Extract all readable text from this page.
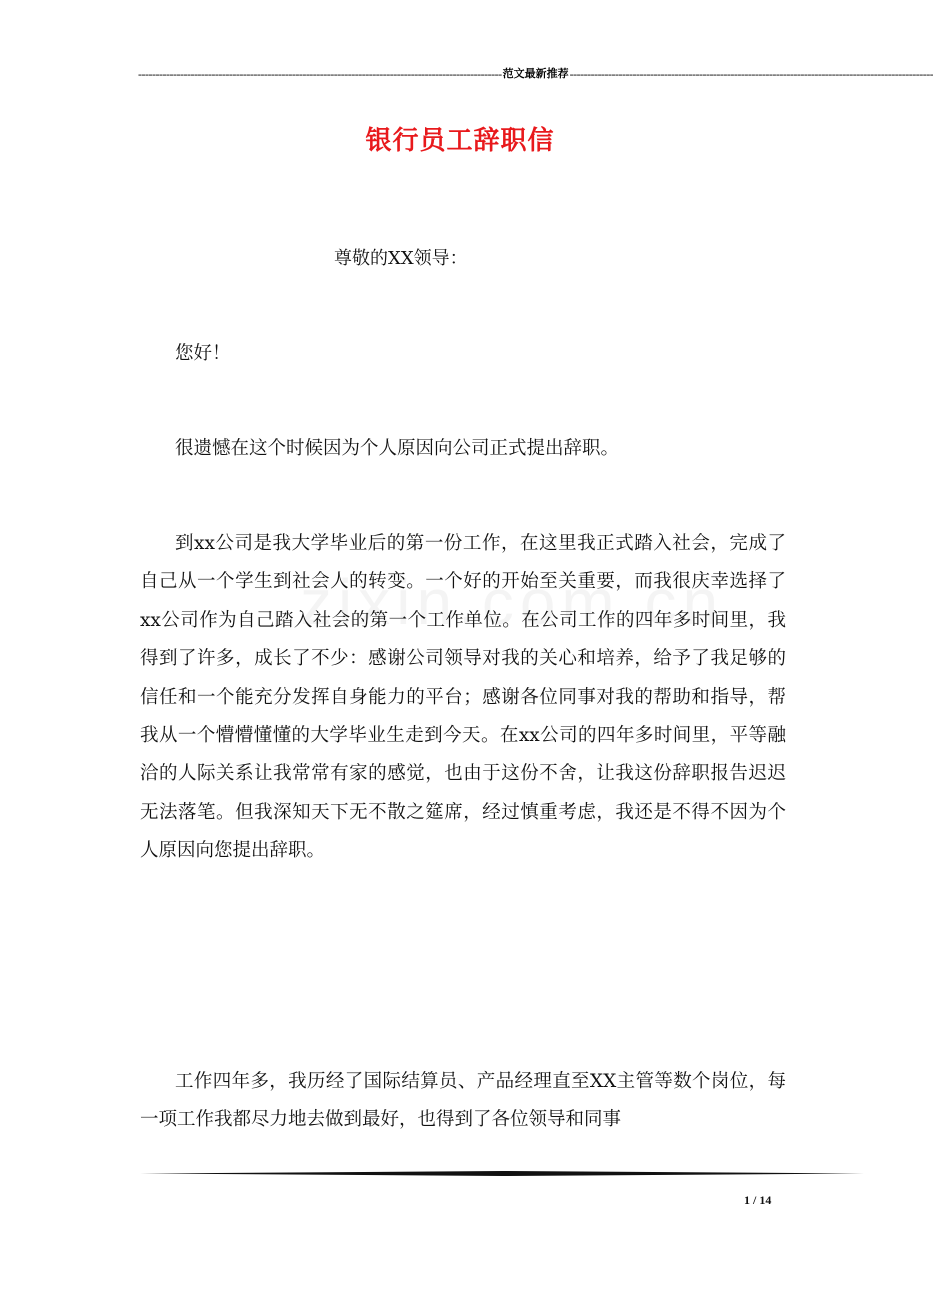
-------------------------------------------------------------------------------------------------------- 范文最新推荐 --------------------------------------------------------------------------------------------------------
银行员工辞职信
尊敬的XX领导：

您好！

很遗憾在这个时候因为个人原因向公司正式提出辞职。

到xx公司是我大学毕业后的第一份工作，在这里我正式踏入社会，完成了自己从一个学生到社会人的转变。一个好的开始至关重要，而我很庆幸选择了xx公司作为自己踏入社会的第一个工作单位。在公司工作的四年多时间里，我得到了许多，成长了不少：感谢公司领导对我的关心和培养，给予了我足够的信任和一个能充分发挥自身能力的平台；感谢各位同事对我的帮助和指导，帮我从一个懵懵懂懂的大学毕业生走到今天。在xx公司的四年多时间里，平等融洽的人际关系让我常常有家的感觉，也由于这份不舍，让我这份辞职报告迟迟无法落笔。但我深知天下无不散之筵席，经过慎重考虑，我还是不得不因为个人原因向您提出辞职。

工作四年多，我历经了国际结算员、产品经理直至XX主管等数个岗位，每一项工作我都尽力地去做到最好，也得到了各位领导和同事

1 / 14
